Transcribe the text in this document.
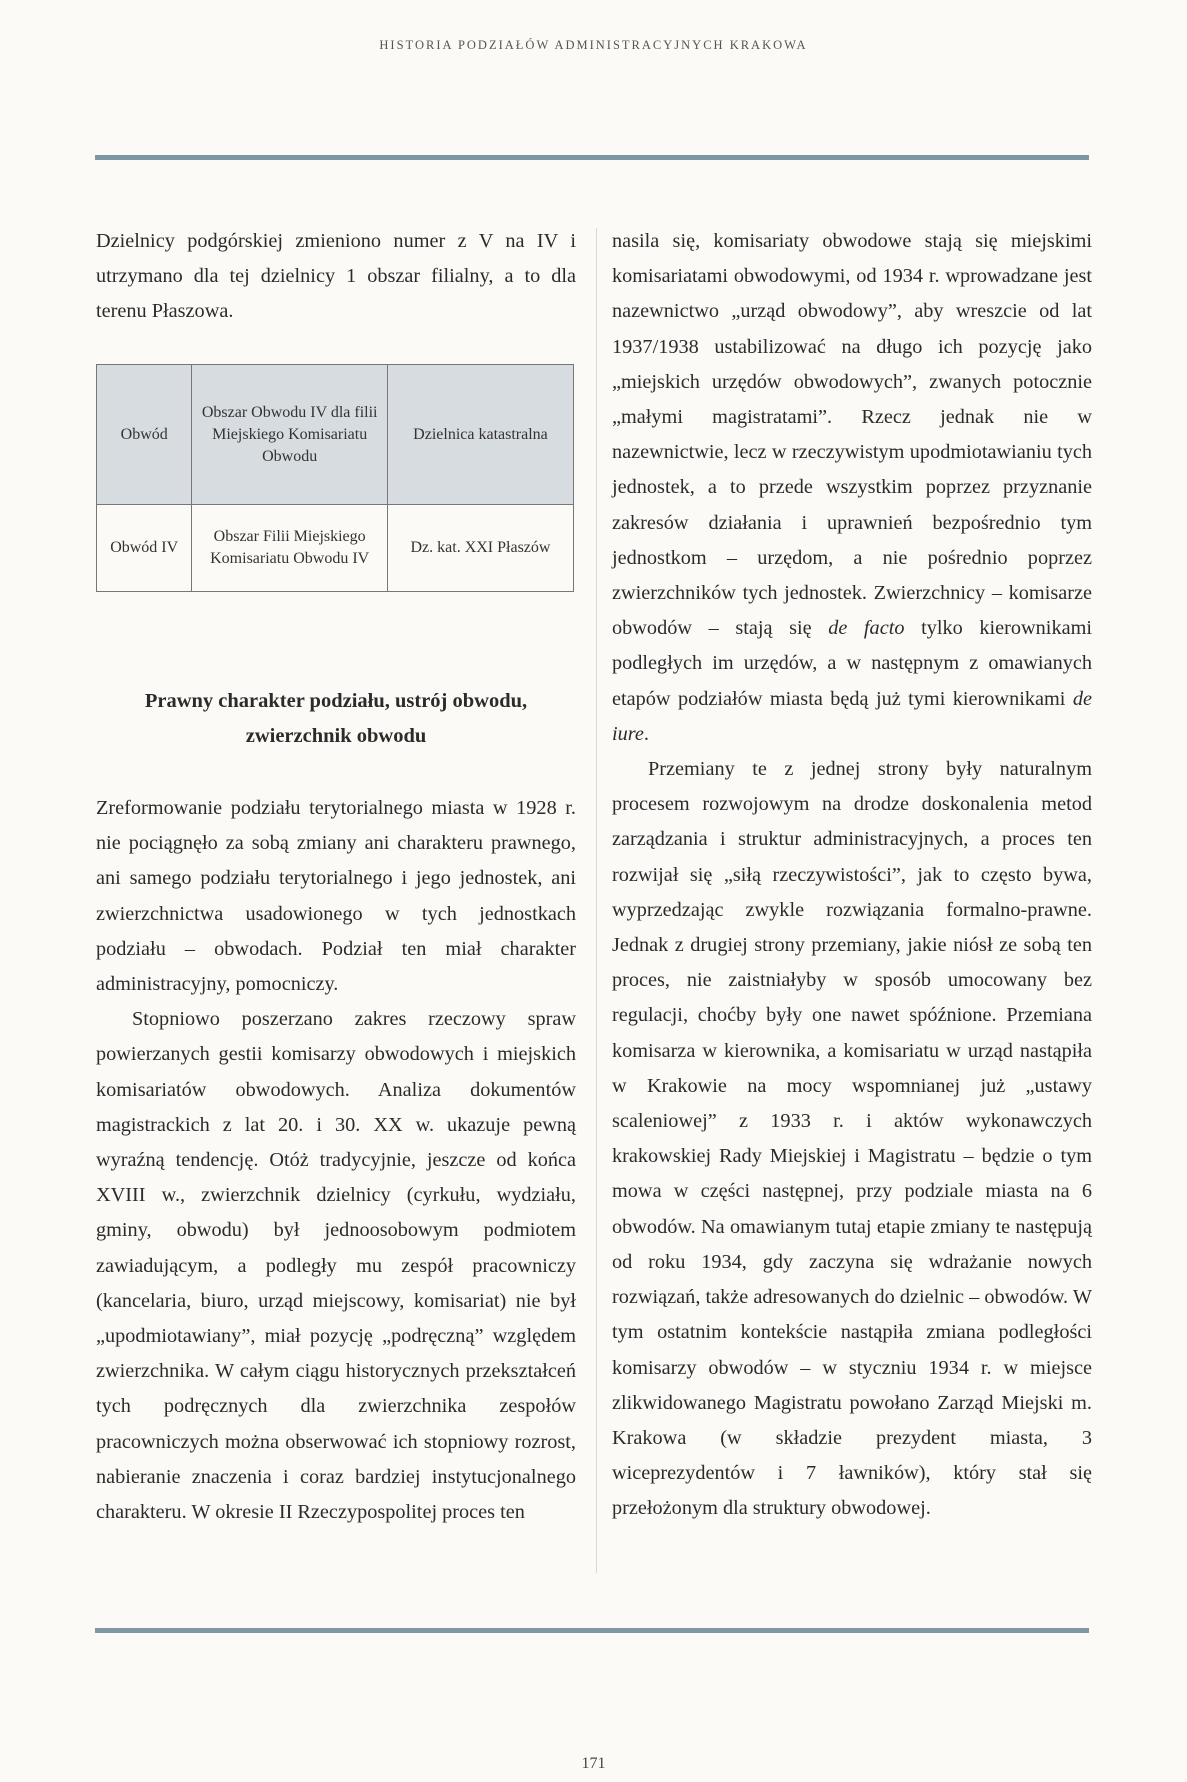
HISTORIA PODZIAŁÓW ADMINISTRACYJNYCH KRAKOWA

Dzielnicy podgórskiej zmieniono numer z V na IV i utrzymano dla tej dzielnicy 1 obszar filialny, a to dla terenu Płaszowa.

Obwód	Obszar Obwodu IV dla filii Miejskiego Komisariatu Obwodu	Dzielnica katastralna
Obwód IV	Obszar Filii Miejskiego Komisariatu Obwodu IV	Dz. kat. XXI Płaszów
Prawny charakter podziału, ustrój obwodu, zwierzchnik obwodu

Zreformowanie podziału terytorialnego miasta w 1928 r. nie pociągnęło za sobą zmiany ani charakteru prawnego, ani samego podziału terytorialnego i jego jednostek, ani zwierzchnictwa usadowionego w tych jednostkach podziału – obwodach. Podział ten miał charakter administracyjny, pomocniczy.

Stopniowo poszerzano zakres rzeczowy spraw powierzanych gestii komisarzy obwodowych i miejskich komisariatów obwodowych. Analiza dokumentów magistrackich z lat 20. i 30. XX w. ukazuje pewną wyraźną tendencję. Otóż tradycyjnie, jeszcze od końca XVIII w., zwierzchnik dzielnicy (cyrkułu, wydziału, gminy, obwodu) był jednoosobowym podmiotem zawiadującym, a podległy mu zespół pracowniczy (kancelaria, biuro, urząd miejscowy, komisariat) nie był „upodmiotawiany”, miał pozycję „podręczną” względem zwierzchnika. W całym ciągu historycznych przekształceń tych podręcznych dla zwierzchnika zespołów pracowniczych można obserwować ich stopniowy rozrost, nabieranie znaczenia i coraz bardziej instytucjonalnego charakteru. W okresie II Rzeczypospolitej proces ten

nasila się, komisariaty obwodowe stają się miejskimi komisariatami obwodowymi, od 1934 r. wprowadzane jest nazewnictwo „urząd obwodowy”, aby wreszcie od lat 1937/1938 ustabilizować na długo ich pozycję jako „miejskich urzędów obwodowych”, zwanych potocznie „małymi magistratami”. Rzecz jednak nie w nazewnictwie, lecz w rzeczywistym upodmiotawianiu tych jednostek, a to przede wszystkim poprzez przyznanie zakresów działania i uprawnień bezpośrednio tym jednostkom – urzędom, a nie pośrednio poprzez zwierzchników tych jednostek. Zwierzchnicy – komisarze obwodów – stają się de facto tylko kierownikami podległych im urzędów, a w następnym z omawianych etapów podziałów miasta będą już tymi kierownikami de iure.

Przemiany te z jednej strony były naturalnym procesem rozwojowym na drodze doskonalenia metod zarządzania i struktur administracyjnych, a proces ten rozwijał się „siłą rzeczywistości”, jak to często bywa, wyprzedzając zwykle rozwiązania formalno-prawne. Jednak z drugiej strony przemiany, jakie niósł ze sobą ten proces, nie zaistniałyby w sposób umocowany bez regulacji, choćby były one nawet spóźnione. Przemiana komisarza w kierownika, a komisariatu w urząd nastąpiła w Krakowie na mocy wspomnianej już „ustawy scaleniowej” z 1933 r. i aktów wykonawczych krakowskiej Rady Miejskiej i Magistratu – będzie o tym mowa w części następnej, przy podziale miasta na 6 obwodów. Na omawianym tutaj etapie zmiany te następują od roku 1934, gdy zaczyna się wdrażanie nowych rozwiązań, także adresowanych do dzielnic – obwodów. W tym ostatnim kontekście nastąpiła zmiana podległości komisarzy obwodów – w styczniu 1934 r. w miejsce zlikwidowanego Magistratu powołano Zarząd Miejski m. Krakowa (w składzie prezydent miasta, 3 wiceprezydentów i 7 ławników), który stał się przełożonym dla struktury obwodowej.

171
